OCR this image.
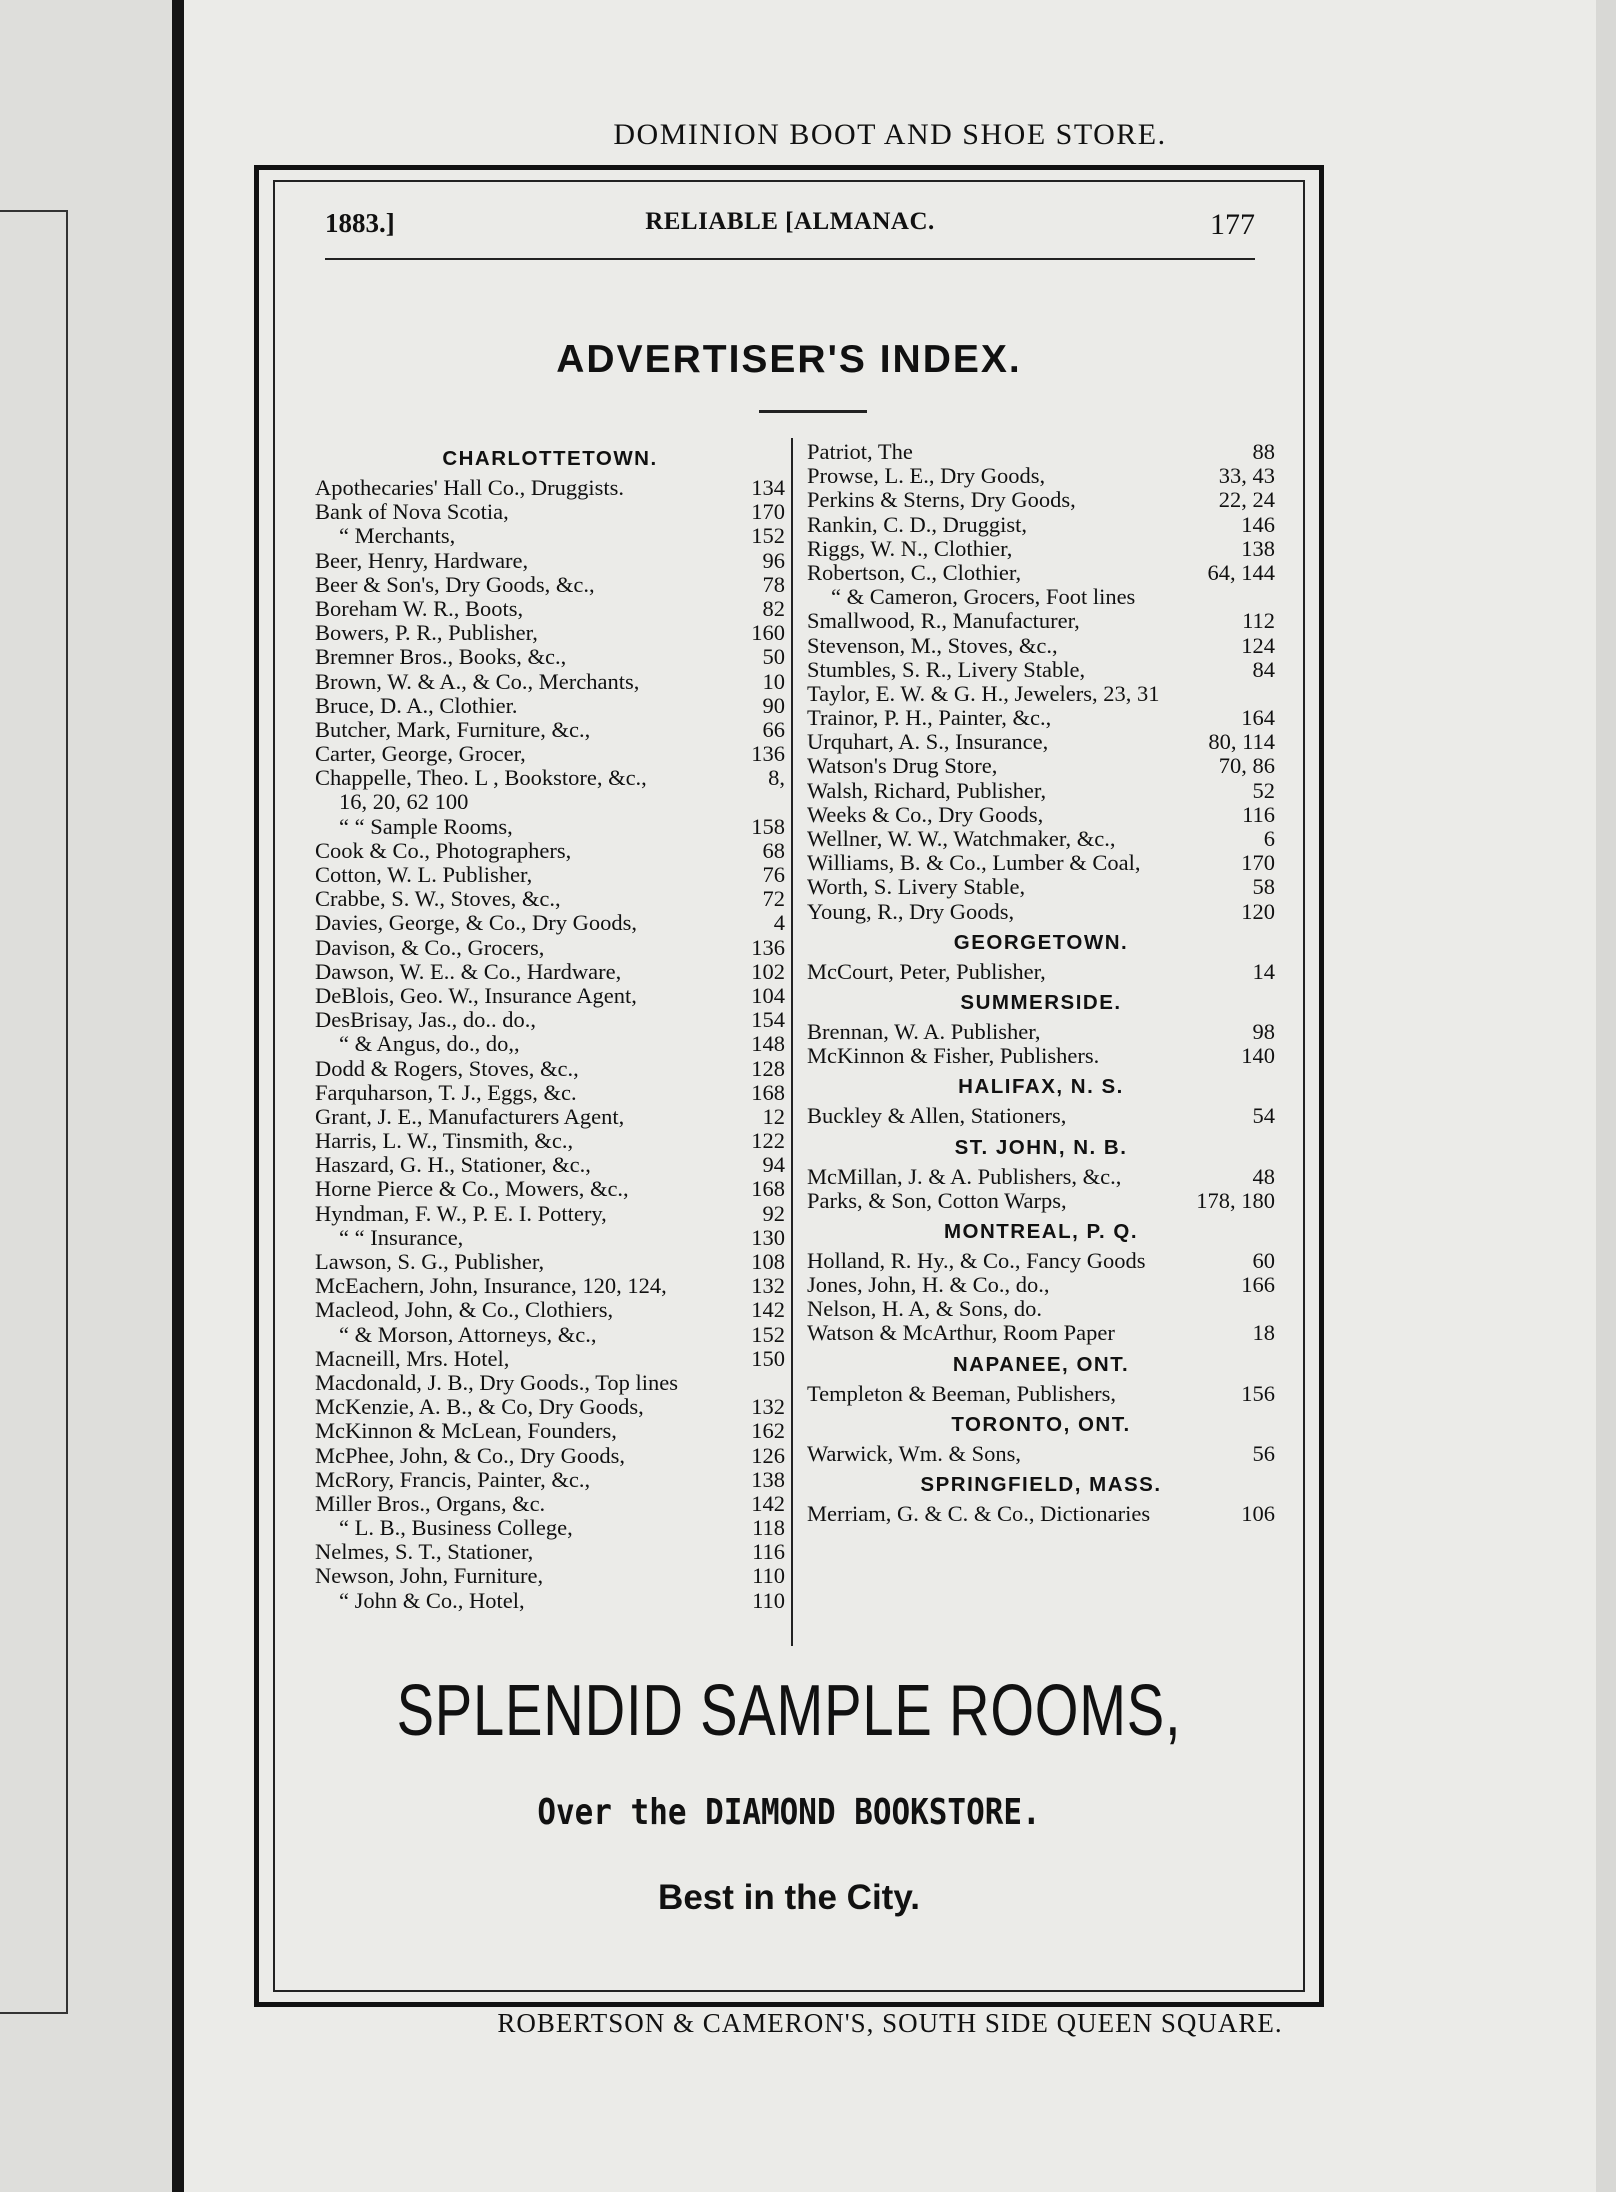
DOMINION BOOT AND SHOE STORE.
1883.]	RELIABLE [ALMANAC.	177
ADVERTISER'S INDEX.
CHARLOTTETOWN.
Apothecaries' Hall Co., Druggists.	134
Bank of Nova Scotia,	170
“ Merchants,	152
Beer, Henry, Hardware,	96
Beer & Son's, Dry Goods, &c.,	78
Boreham W. R., Boots,	82
Bowers, P. R., Publisher,	160
Bremner Bros., Books, &c.,	50
Brown, W. & A., & Co., Merchants,	10
Bruce, D. A., Clothier.	90
Butcher, Mark, Furniture, &c.,	66
Carter, George, Grocer,	136
Chappelle, Theo. L , Bookstore, &c.,	8,
16, 20, 62 100
“ “ Sample Rooms,	158
Cook & Co., Photographers,	68
Cotton, W. L. Publisher,	76
Crabbe, S. W., Stoves, &c.,	72
Davies, George, & Co., Dry Goods,	4
Davison, & Co., Grocers,	136
Dawson, W. E.. & Co., Hardware,	102
DeBlois, Geo. W., Insurance Agent,	104
DesBrisay, Jas., do.. do.,	154
“ & Angus, do., do,,	148
Dodd & Rogers, Stoves, &c.,	128
Farquharson, T. J., Eggs, &c.	168
Grant, J. E., Manufacturers Agent,	12
Harris, L. W., Tinsmith, &c.,	122
Haszard, G. H., Stationer, &c.,	94
Horne Pierce & Co., Mowers, &c.,	168
Hyndman, F. W., P. E. I. Pottery,	92
“ “ Insurance,	130
Lawson, S. G., Publisher,	108
McEachern, John, Insurance, 120, 124,	132
Macleod, John, & Co., Clothiers,	142
“ & Morson, Attorneys, &c.,	152
Macneill, Mrs. Hotel,	150
Macdonald, J. B., Dry Goods., Top lines
McKenzie, A. B., & Co, Dry Goods,	132
McKinnon & McLean, Founders,	162
McPhee, John, & Co., Dry Goods,	126
McRory, Francis, Painter, &c.,	138
Miller Bros., Organs, &c.	142
“ L. B., Business College,	118
Nelmes, S. T., Stationer,	116
Newson, John, Furniture,	110
“ John & Co., Hotel,	110
Patriot, The	88
Prowse, L. E., Dry Goods,	33, 43
Perkins & Sterns, Dry Goods,	22, 24
Rankin, C. D., Druggist,	146
Riggs, W. N., Clothier,	138
Robertson, C., Clothier,	64, 144
“ & Cameron, Grocers, Foot lines
Smallwood, R., Manufacturer,	112
Stevenson, M., Stoves, &c.,	124
Stumbles, S. R., Livery Stable,	84
Taylor, E. W. & G. H., Jewelers, 23, 31
Trainor, P. H., Painter, &c.,	164
Urquhart, A. S., Insurance,	80, 114
Watson's Drug Store,	70, 86
Walsh, Richard, Publisher,	52
Weeks & Co., Dry Goods,	116
Wellner, W. W., Watchmaker, &c.,	6
Williams, B. & Co., Lumber & Coal,	170
Worth, S. Livery Stable,	58
Young, R., Dry Goods,	120
GEORGETOWN.
McCourt, Peter, Publisher,	14
SUMMERSIDE.
Brennan, W. A. Publisher,	98
McKinnon & Fisher, Publishers.	140
HALIFAX, N. S.
Buckley & Allen, Stationers,	54
ST. JOHN, N. B.
McMillan, J. & A. Publishers, &c.,	48
Parks, & Son, Cotton Warps,	178, 180
MONTREAL, P. Q.
Holland, R. Hy., & Co., Fancy Goods	60
Jones, John, H. & Co., do.,	166
Nelson, H. A, & Sons, do.
Watson & McArthur, Room Paper	18
NAPANEE, ONT.
Templeton & Beeman, Publishers,	156
TORONTO, ONT.
Warwick, Wm. & Sons,	56
SPRINGFIELD, MASS.
Merriam, G. & C. & Co., Dictionaries	106
SPLENDID SAMPLE ROOMS,
Over the DIAMOND BOOKSTORE.
Best in the City.
ROBERTSON & CAMERON'S, SOUTH SIDE QUEEN SQUARE.
